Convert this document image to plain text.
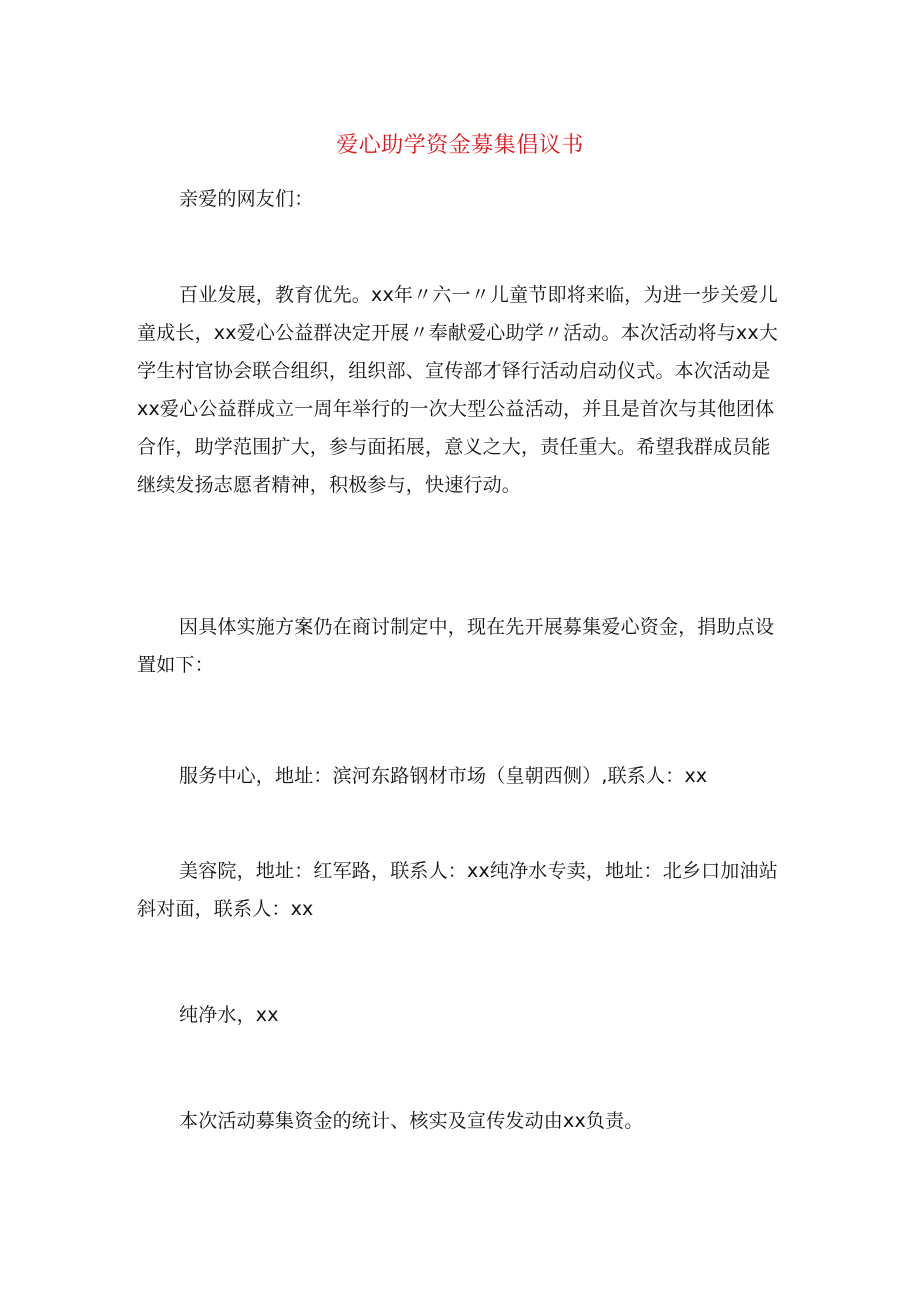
爱心助学资金募集倡议书

亲爱的网友们：

百业发展，教育优先。xx年〃六一〃儿童节即将来临，为进一步关爱儿童成长，xx爱心公益群决定开展〃奉献爱心助学〃活动。本次活动将与xx大学生村官协会联合组织，组织部、宣传部才铎行活动启动仪式。本次活动是xx爱心公益群成立一周年举行的一次大型公益活动，并且是首次与其他团体合作，助学范围扩大，参与面拓展，意义之大，责任重大。希望我群成员能继续发扬志愿者精神，积极参与，快速行动。

因具体实施方案仍在商讨制定中，现在先开展募集爱心资金，捐助点设置如下：

服务中心，地址：滨河东路钢材市场（皇朝西侧）,联系人：xx

美容院，地址：红军路，联系人：xx纯净水专卖，地址：北乡口加油站斜对面，联系人：xx

纯净水，xx

本次活动募集资金的统计、核实及宣传发动由xx负责。
